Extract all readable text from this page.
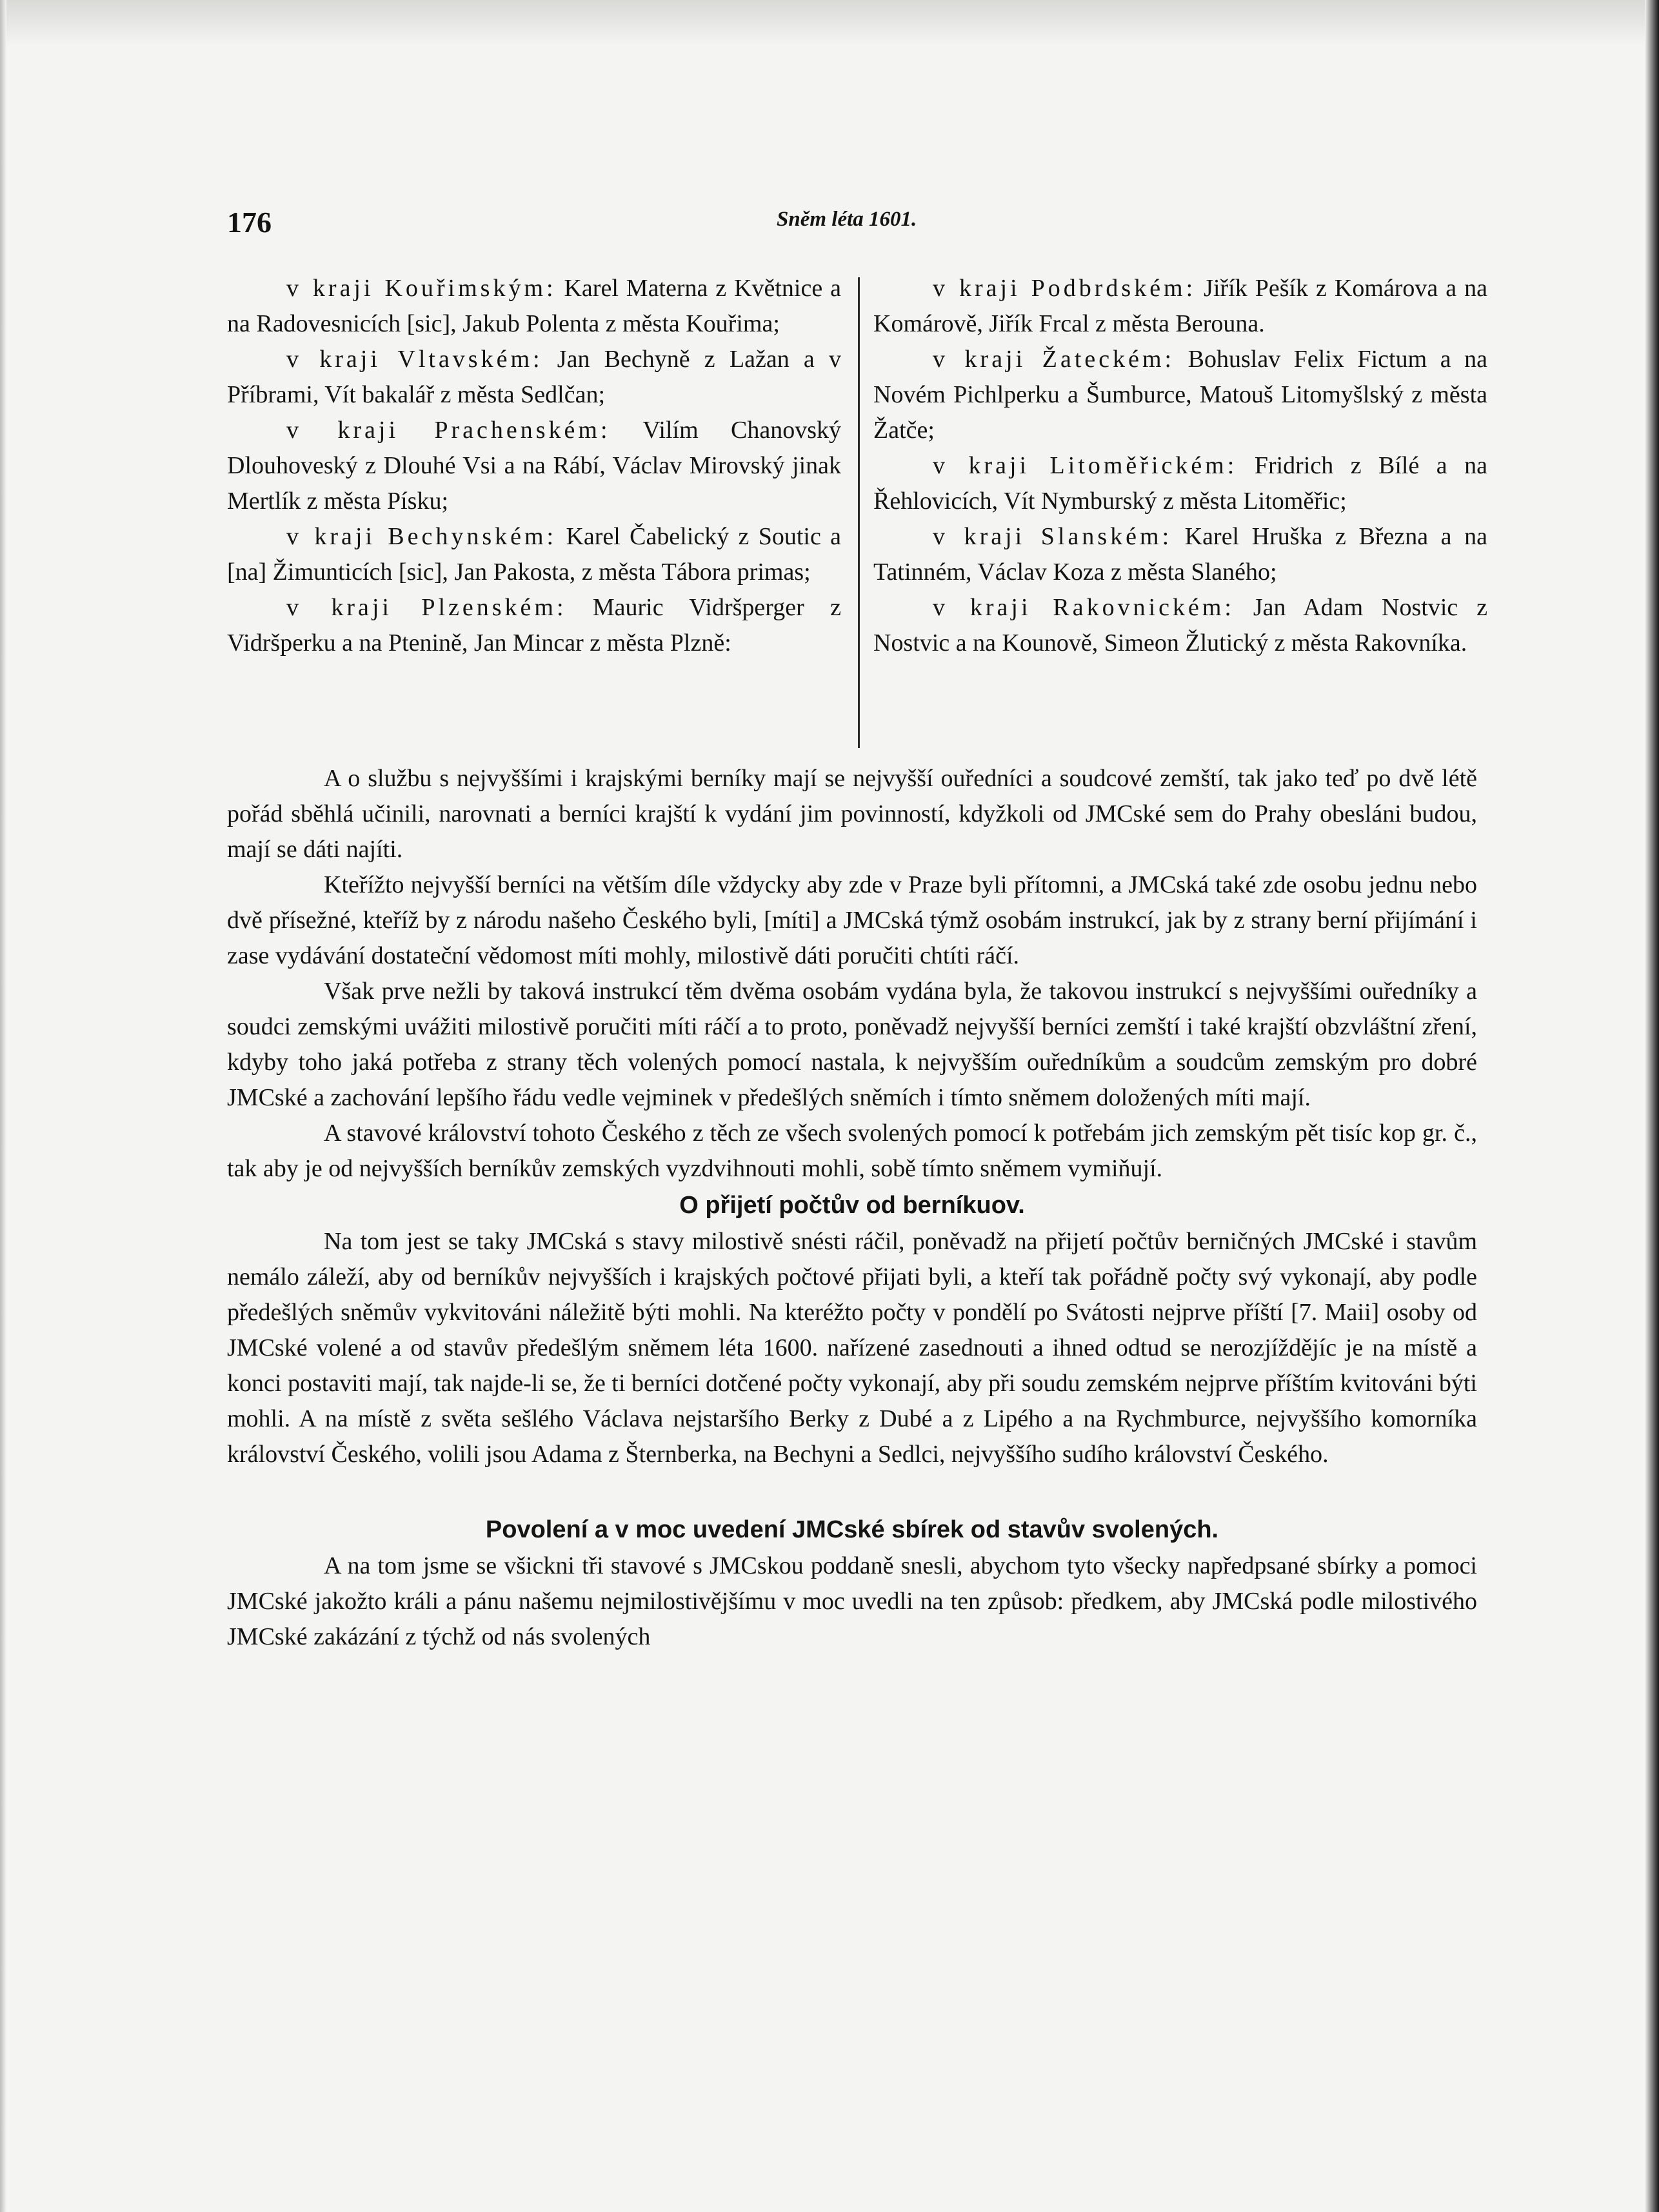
176	Sněm léta 1601.

v kraji Kouřimským: Karel Materna z Květnice a na Radovesnicích [sic], Jakub Polenta z města Kouřima;

v kraji Vltavském: Jan Bechyně z Lažan a v Příbrami, Vít bakalář z města Sedlčan;

v kraji Prachenském: Vilím Chanovský Dlouhoveský z Dlouhé Vsi a na Rábí, Václav Mirovský jinak Mertlík z města Písku;

v kraji Bechynském: Karel Čabelický z Soutic a [na] Žimunticích [sic], Jan Pakosta, z města Tábora primas;

v kraji Plzenském: Mauric Vidršperger z Vidršperku a na Ptenině, Jan Mincar z města Plzně:

v kraji Podbrdském: Jiřík Pešík z Komárova a na Komárově, Jiřík Frcal z města Berouna.

v kraji Žateckém: Bohuslav Felix Fictum a na Novém Pichlperku a Šumburce, Matouš Litomyšlský z města Žatče;

v kraji Litoměřickém: Fridrich z Bílé a na Řehlovicích, Vít Nymburský z města Litoměřic;

v kraji Slanském: Karel Hruška z Března a na Tatinném, Václav Koza z města Slaného;

v kraji Rakovnickém: Jan Adam Nostvic z Nostvic a na Kounově, Simeon Žlutický z města Rakovníka.

A o službu s nejvyššími i krajskými berníky mají se nejvyšší ouředníci a soudcové zemští, tak jako teď po dvě létě pořád sběhlá učinili, narovnati a berníci krajští k vydání jim povinností, kdyžkoli od JMCské sem do Prahy obesláni budou, mají se dáti najíti.

Kteřížto nejvyšší berníci na větším díle vždycky aby zde v Praze byli přítomni, a JMCská také zde osobu jednu nebo dvě přísežné, kteříž by z národu našeho Českého byli, [míti] a JMCská týmž osobám instrukcí, jak by z strany berní přijímání i zase vydávání dostateční vědomost míti mohly, milostivě dáti poručiti chtíti ráčí.

Však prve nežli by taková instrukcí těm dvěma osobám vydána byla, že takovou instrukcí s nejvyššími ouředníky a soudci zemskými uvážiti milostivě poručiti míti ráčí a to proto, poněvadž nejvyšší berníci zemští i také krajští obzvláštní zření, kdyby toho jaká potřeba z strany těch volených pomocí nastala, k nejvyšším ouředníkům a soudcům zemským pro dobré JMCské a zachování lepšího řádu vedle vejminek v předešlých sněmích i tímto sněmem doložených míti mají.

A stavové království tohoto Českého z těch ze všech svolených pomocí k potřebám jich zemským pět tisíc kop gr. č., tak aby je od nejvyšších berníkův zemských vyzdvihnouti mohli, sobě tímto sněmem vymiňují.

O přijetí počtův od berníkuov.

Na tom jest se taky JMCská s stavy milostivě snésti ráčil, poněvadž na přijetí počtův berničných JMCské i stavům nemálo záleží, aby od berníkův nejvyšších i krajských počtové přijati byli, a kteří tak pořádně počty svý vykonají, aby podle předešlých sněmův vykvitováni náležitě býti mohli. Na kteréžto počty v pondělí po Svátosti nejprve příští [7. Maii] osoby od JMCské volené a od stavův předešlým sněmem léta 1600. nařízené zasednouti a ihned odtud se nerozjíždějíc je na místě a konci postaviti mají, tak najde-li se, že ti berníci dotčené počty vykonají, aby při soudu zemském nejprve příštím kvitováni býti mohli. A na místě z světa sešlého Václava nejstaršího Berky z Dubé a z Lipého a na Rychmburce, nejvyššího komorníka království Českého, volili jsou Adama z Šternberka, na Bechyni a Sedlci, nejvyššího sudího království Českého.

Povolení a v moc uvedení JMCské sbírek od stavův svolených.

A na tom jsme se všickni tři stavové s JMCskou poddaně snesli, abychom tyto všecky napředpsané sbírky a pomoci JMCské jakožto králi a pánu našemu nejmilostivějšímu v moc uvedli na ten způsob: předkem, aby JMCská podle milostivého JMCské zakázání z týchž od nás svolených
